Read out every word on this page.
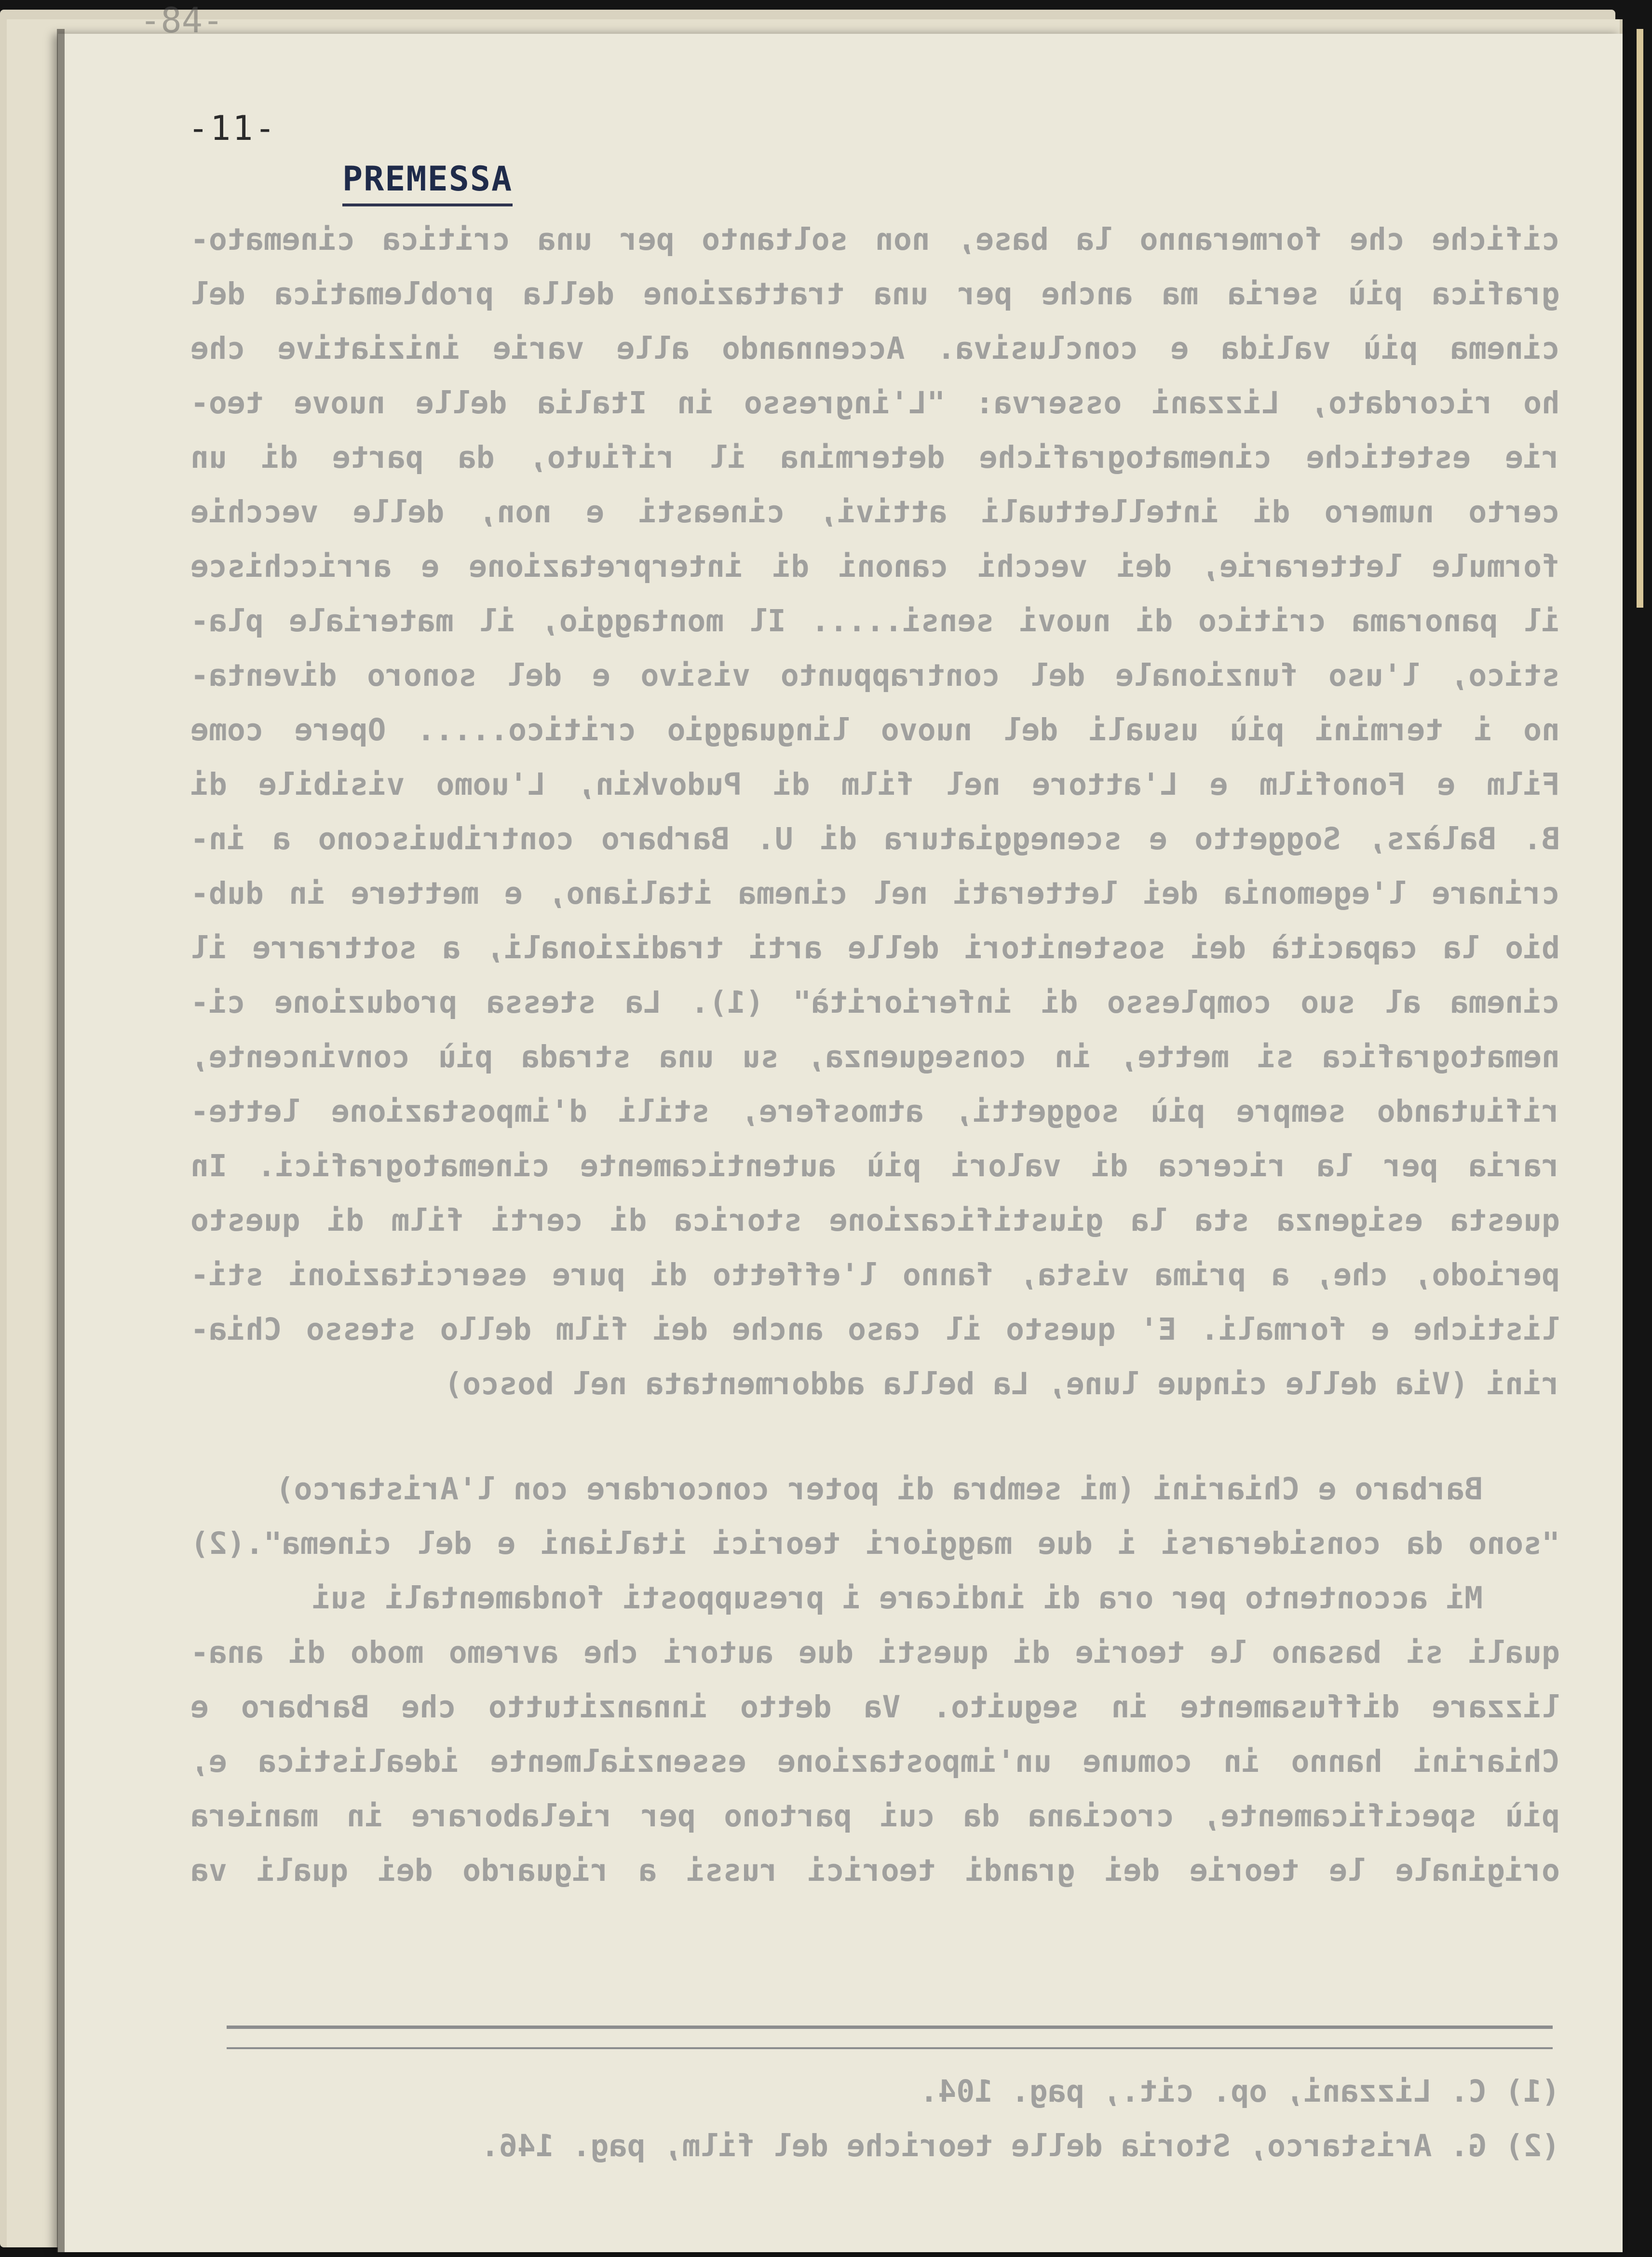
-84-
-11-
PREMESSA
cifiche che formeranno la base, non soltanto per una critica cinemato-
grafica più seria ma anche per una trattazione della problematica del
cinema più valida e conclusiva. Accennando alle varie iniziative che
ho ricordato, Lizzani osserva: "L'ingresso in Italia delle nuove teo-
rie estetiche cinematografiche determina il rifiuto, da parte di un
certo numero di intellettuali attivi, cineasti e non, delle vecchie
formule letterarie, dei vecchi canoni di interpretazione e arricchisce
il panorama critico di nuovi sensi..... Il montaggio, il materiale pla-
stico, l'uso funzionale del contrappunto visivo e del sonoro diventa-
no i termini più usuali del nuovo linguaggio critico..... Opere come
Film e Fonofilm e L'attore nel film di Pudovkin, L'uomo visibile di
B. Balàzs, Soggetto e sceneggiatura di U. Barbaro contribuiscono a in-
crinare l'egemonia dei letterati nel cinema italiano, e mettere in dub-
bio la capacità dei sostenitori delle arti tradizionali, a sottrarre il
cinema al suo complesso di inferiorità" (1). La stessa produzione ci-
nematografica si mette, in conseguenza, su una strada più convincente,
rifiutando sempre più soggetti, atmosfere, stili d'impostazione lette-
raria per la ricerca di valori più autenticamente cinematografici. In
questa esigenza sta la giustificazione storica di certi film di questo
periodo, che, a prima vista, fanno l'effetto di pure esercitazioni sti-
listiche e formali. E' questo il caso anche dei film dello stesso Chia-
rini (Via delle cinque lune, La bella addormentata nel bosco)
Barbaro e Chiarini (mi sembra di poter concordare con l'Aristarco)
"sono da considerarsi i due maggiori teorici italiani e del cinema".(2)
Mi accontento per ora di indicare i presupposti fondamentali sui
quali si basano le teorie di questi due autori che avremo modo di ana-
lizzare diffusamente in seguito. Va detto innanzitutto che Barbaro e
Chiarini hanno in comune un'impostazione essenzialmente idealistica e,
più specificamente, crociana da cui partono per rielaborare in maniera
originale le teorie dei grandi teorici russi a riguardo dei quali va
(1) C. Lizzani, op. cit., pag. 104.
(2) G. Aristarco, Storia delle teoriche del film, pag. 146.
